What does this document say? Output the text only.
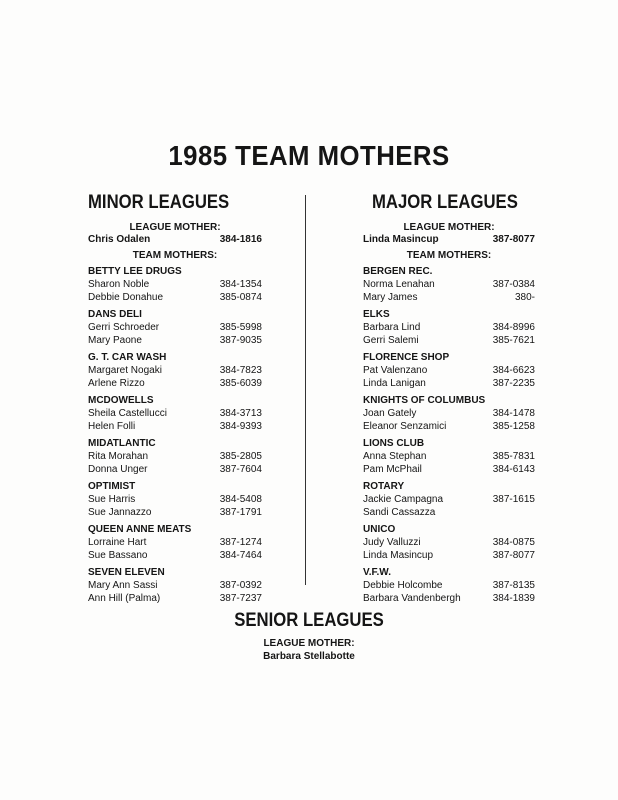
1985 TEAM MOTHERS
MINOR LEAGUES
LEAGUE MOTHER:
Chris Odalen	384-1816
TEAM MOTHERS:
BETTY LEE DRUGS
Sharon Noble	384-1354
Debbie Donahue	385-0874
DANS DELI
Gerri Schroeder	385-5998
Mary Paone	387-9035
G. T. CAR WASH
Margaret Nogaki	384-7823
Arlene Rizzo	385-6039
MCDOWELLS
Sheila Castellucci	384-3713
Helen Folli	384-9393
MIDATLANTIC
Rita Morahan	385-2805
Donna Unger	387-7604
OPTIMIST
Sue Harris	384-5408
Sue Jannazzo	387-1791
QUEEN ANNE MEATS
Lorraine Hart	387-1274
Sue Bassano	384-7464
SEVEN ELEVEN
Mary Ann Sassi	387-0392
Ann Hill (Palma)	387-7237
MAJOR LEAGUES
LEAGUE MOTHER:
Linda Masincup	387-8077
TEAM MOTHERS:
BERGEN REC.
Norma Lenahan	387-0384
Mary James	380-
ELKS
Barbara Lind	384-8996
Gerri Salemi	385-7621
FLORENCE SHOP
Pat Valenzano	384-6623
Linda Lanigan	387-2235
KNIGHTS OF COLUMBUS
Joan Gately	384-1478
Eleanor Senzamici	385-1258
LIONS CLUB
Anna Stephan	385-7831
Pam McPhail	384-6143
ROTARY
Jackie Campagna	387-1615
Sandi Cassazza
UNICO
Judy Valluzzi	384-0875
Linda Masincup	387-8077
V.F.W.
Debbie Holcombe	387-8135
Barbara Vandenbergh	384-1839
SENIOR LEAGUES
LEAGUE MOTHER:
Barbara Stellabotte
